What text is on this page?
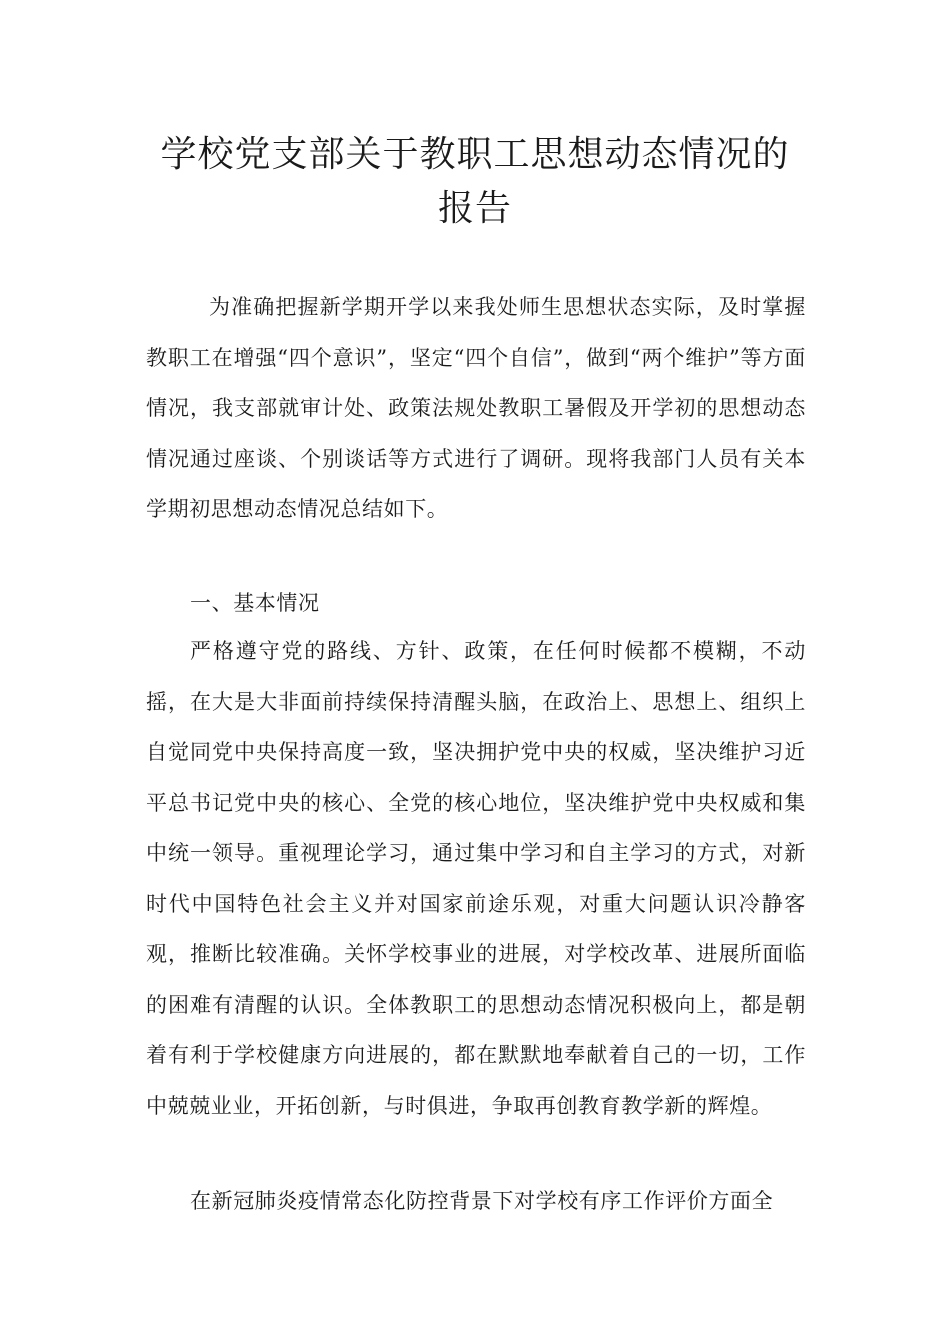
学校党支部关于教职工思想动态情况的
报告

为准确把握新学期开学以来我处师生思想状态实际，及时掌握教职工在增强“四个意识”，坚定“四个自信”，做到“两个维护”等方面情况，我支部就审计处、政策法规处教职工暑假及开学初的思想动态情况通过座谈、个别谈话等方式进行了调研。现将我部门人员有关本学期初思想动态情况总结如下。

一、基本情况

严格遵守党的路线、方针、政策，在任何时候都不模糊，不动摇，在大是大非面前持续保持清醒头脑，在政治上、思想上、组织上自觉同党中央保持高度一致，坚决拥护党中央的权威，坚决维护习近平总书记党中央的核心、全党的核心地位，坚决维护党中央权威和集中统一领导。重视理论学习，通过集中学习和自主学习的方式，对新时代中国特色社会主义并对国家前途乐观，对重大问题认识冷静客观，推断比较准确。关怀学校事业的进展，对学校改革、进展所面临的困难有清醒的认识。全体教职工的思想动态情况积极向上，都是朝着有利于学校健康方向进展的，都在默默地奉献着自己的一切，工作中兢兢业业，开拓创新，与时俱进，争取再创教育教学新的辉煌。

在新冠肺炎疫情常态化防控背景下对学校有序工作评价方面全
